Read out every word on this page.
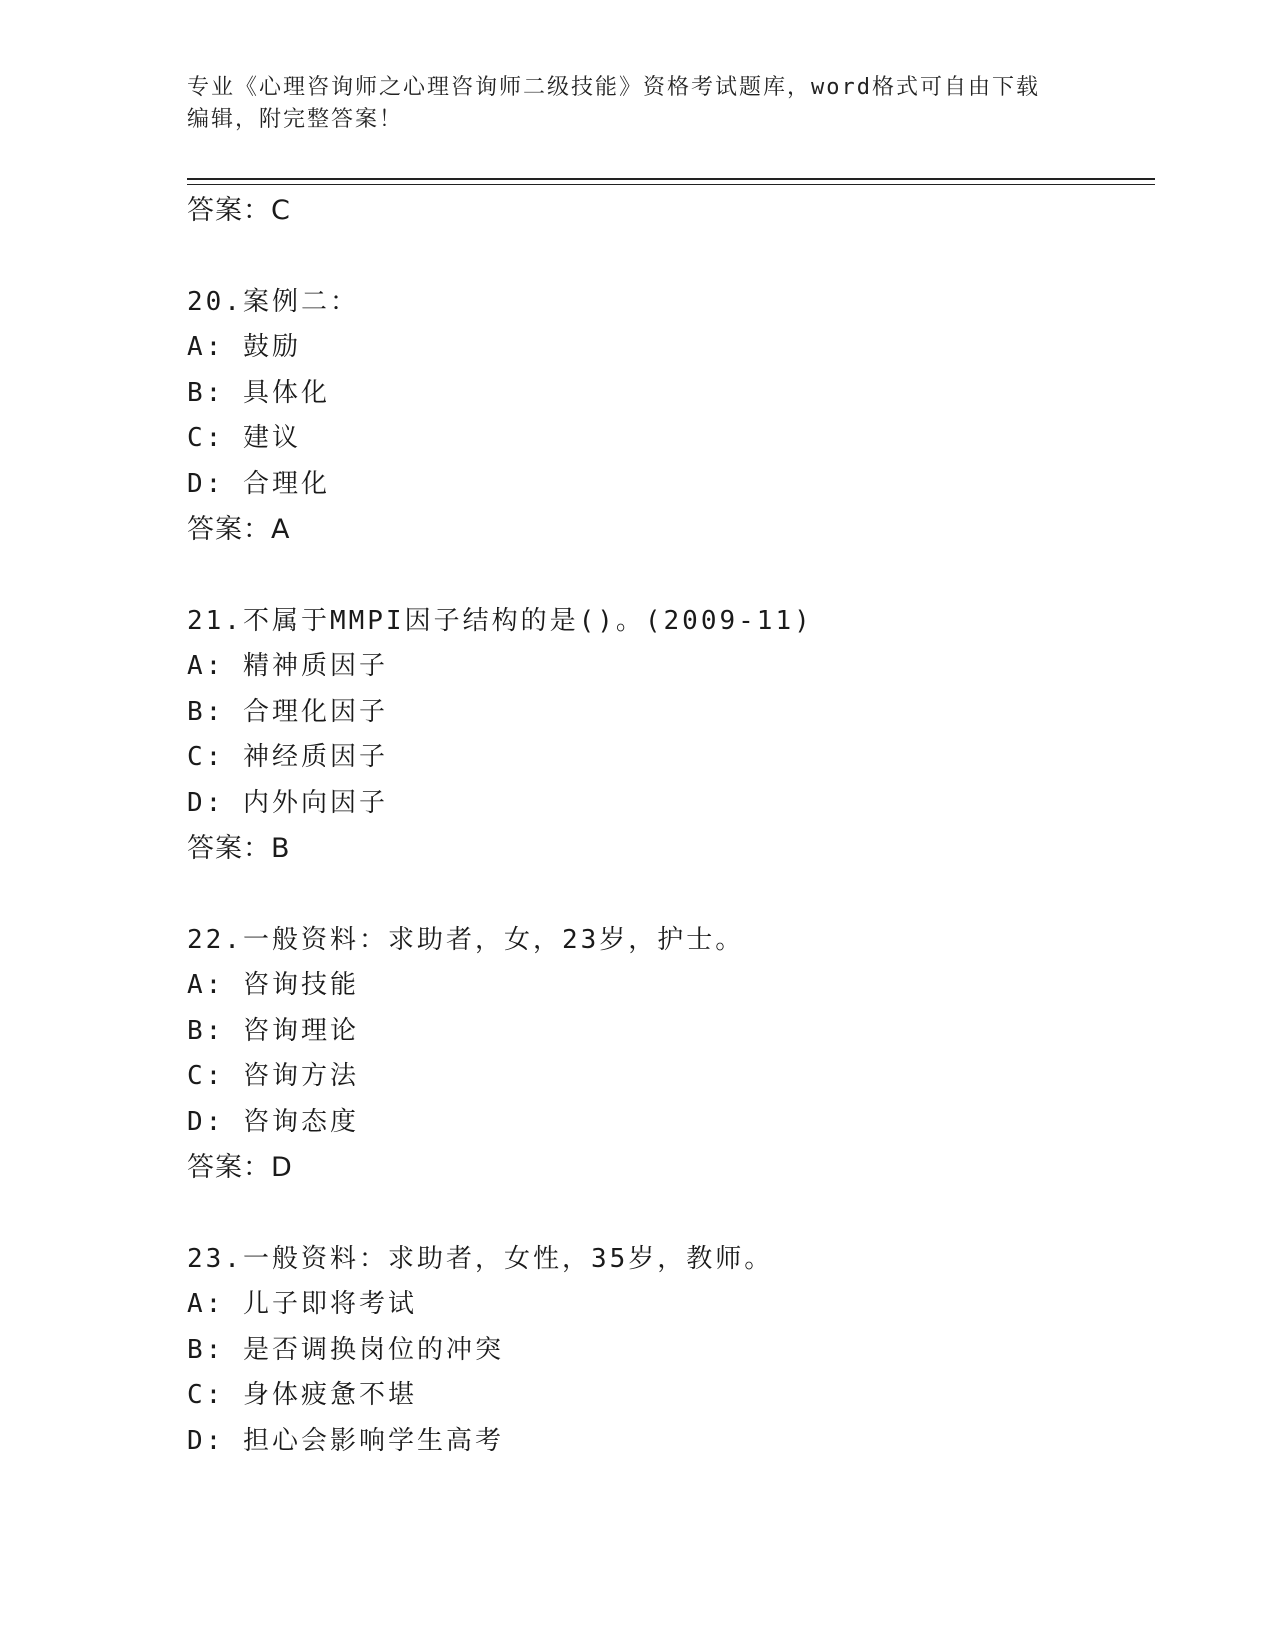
专业《心理咨询师之心理咨询师二级技能》资格考试题库，word格式可自由下载
编辑，附完整答案！
答案：C
20.案例二：
A: 鼓励
B: 具体化
C: 建议
D: 合理化
答案：A
21.不属于MMPI因子结构的是()。(2009-11)
A: 精神质因子
B: 合理化因子
C: 神经质因子
D: 内外向因子
答案：B
22.一般资料：求助者，女，23岁，护士。
A: 咨询技能
B: 咨询理论
C: 咨询方法
D: 咨询态度
答案：D
23.一般资料：求助者，女性，35岁，教师。
A: 儿子即将考试
B: 是否调换岗位的冲突
C: 身体疲惫不堪
D: 担心会影响学生高考
